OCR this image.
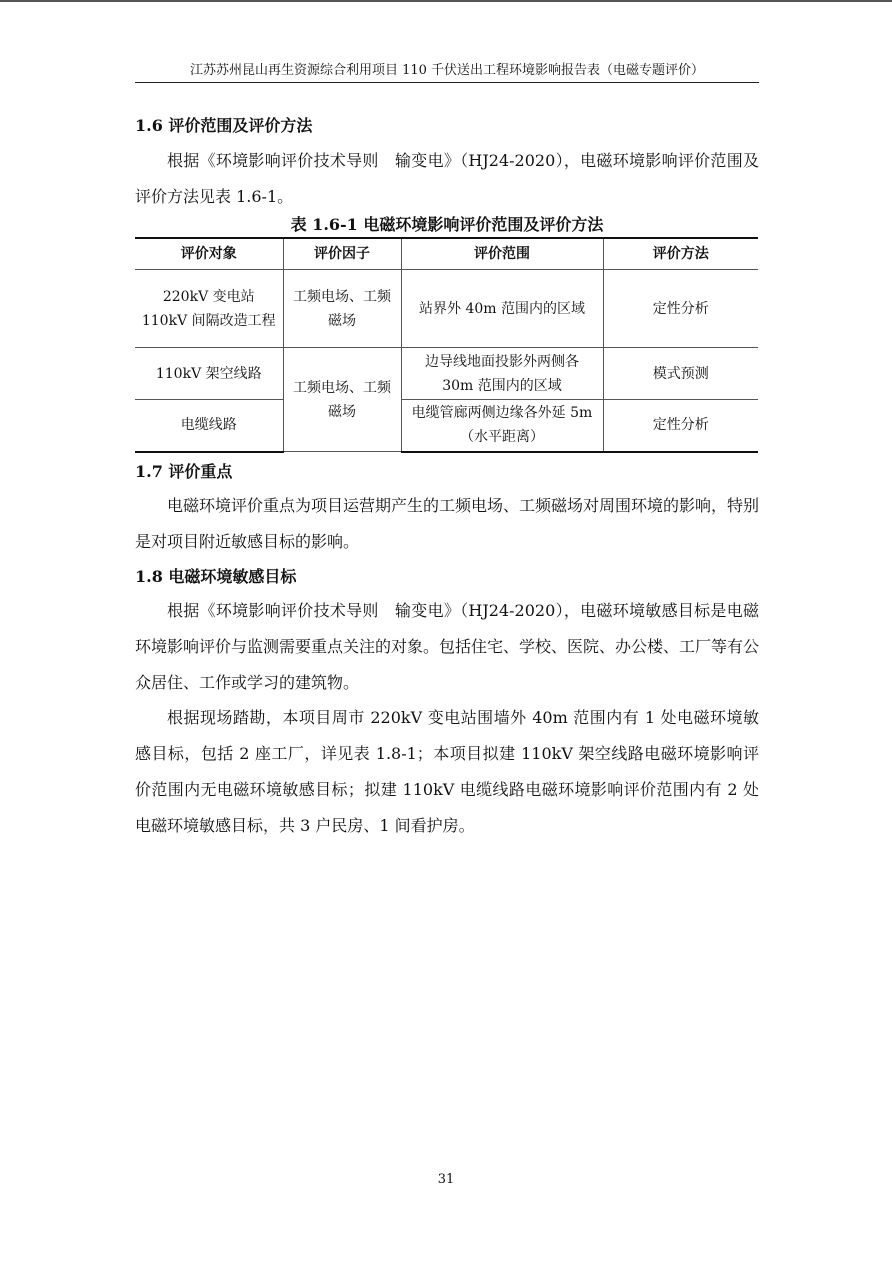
江苏苏州昆山再生资源综合利用项目 110 千伏送出工程环境影响报告表（电磁专题评价）
1.6 评价范围及评价方法
根据《环境影响评价技术导则　输变电》（HJ24-2020），电磁环境影响评价范围及评价方法见表 1.6-1。
表 1.6-1 电磁环境影响评价范围及评价方法
评价对象	评价因子	评价范围	评价方法
220kV 变电站 110kV 间隔改造工程	工频电场、工频磁场	站界外 40m 范围内的区域	定性分析
110kV 架空线路	工频电场、工频磁场	边导线地面投影外两侧各 30m 范围内的区域	模式预测
电缆线路		电缆管廊两侧边缘各外延 5m（水平距离）	定性分析
1.7 评价重点
电磁环境评价重点为项目运营期产生的工频电场、工频磁场对周围环境的影响，特别是对项目附近敏感目标的影响。
1.8 电磁环境敏感目标
根据《环境影响评价技术导则　输变电》（HJ24-2020），电磁环境敏感目标是电磁环境影响评价与监测需要重点关注的对象。包括住宅、学校、医院、办公楼、工厂等有公众居住、工作或学习的建筑物。
根据现场踏勘，本项目周市 220kV 变电站围墙外 40m 范围内有 1 处电磁环境敏感目标，包括 2 座工厂，详见表 1.8-1；本项目拟建 110kV 架空线路电磁环境影响评价范围内无电磁环境敏感目标；拟建 110kV 电缆线路电磁环境影响评价范围内有 2 处电磁环境敏感目标，共 3 户民房、1 间看护房。
31
